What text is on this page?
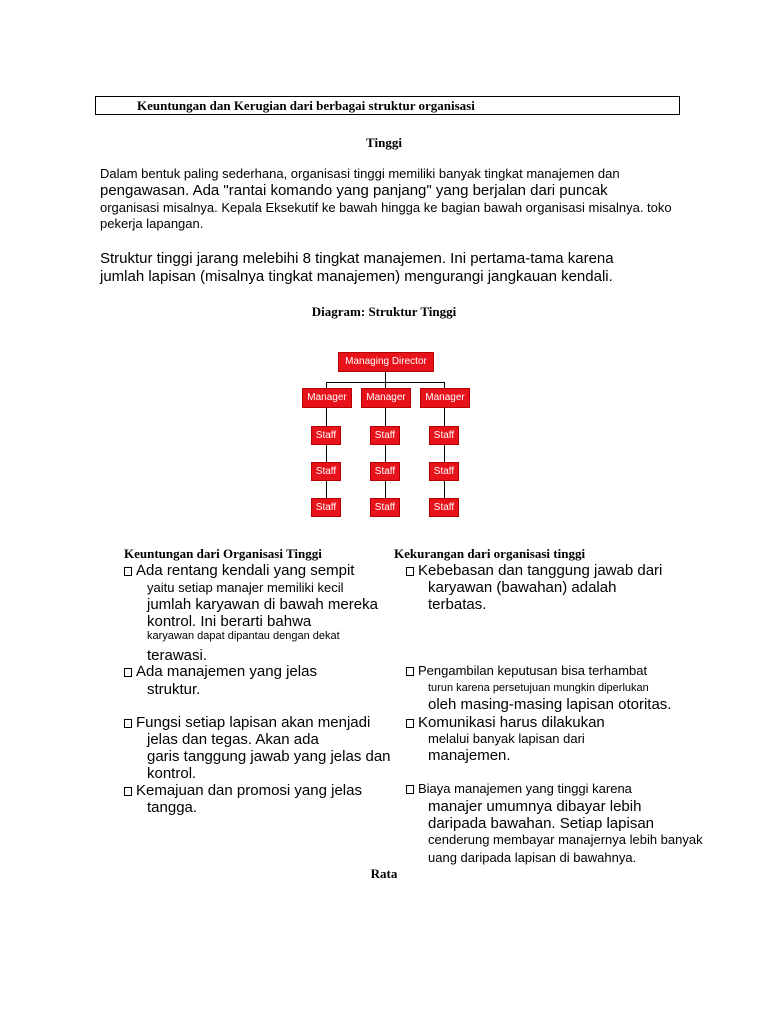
Keuntungan dan Kerugian dari berbagai struktur organisasi
Tinggi
Dalam bentuk paling sederhana, organisasi tinggi memiliki banyak tingkat manajemen dan
pengawasan. Ada "rantai komando yang panjang" yang berjalan dari puncak
organisasi misalnya. Kepala Eksekutif ke bawah hingga ke bagian bawah organisasi misalnya. toko
pekerja lapangan.
Struktur tinggi jarang melebihi 8 tingkat manajemen. Ini pertama-tama karena
jumlah lapisan (misalnya tingkat manajemen) mengurangi jangkauan kendali.
Diagram: Struktur Tinggi
Managing Director
Manager	Manager	Manager
Staff	Staff	Staff
Staff	Staff	Staff
Staff	Staff	Staff
Keuntungan dari Organisasi Tinggi
Ada rentang kendali yang sempit
yaitu setiap manajer memiliki kecil
jumlah karyawan di bawah mereka
kontrol. Ini berarti bahwa
karyawan dapat dipantau dengan dekat
terawasi.
Ada manajemen yang jelas
struktur.
Fungsi setiap lapisan akan menjadi
jelas dan tegas. Akan ada
garis tanggung jawab yang jelas dan
kontrol.
Kemajuan dan promosi yang jelas
tangga.
Kekurangan dari organisasi tinggi
Kebebasan dan tanggung jawab dari
karyawan (bawahan) adalah
terbatas.
Pengambilan keputusan bisa terhambat
turun karena persetujuan mungkin diperlukan
oleh masing-masing lapisan otoritas.
Komunikasi harus dilakukan
melalui banyak lapisan dari
manajemen.
Biaya manajemen yang tinggi karena
manajer umumnya dibayar lebih
daripada bawahan. Setiap lapisan
cenderung membayar manajernya lebih banyak
uang daripada lapisan di bawahnya.
Rata
